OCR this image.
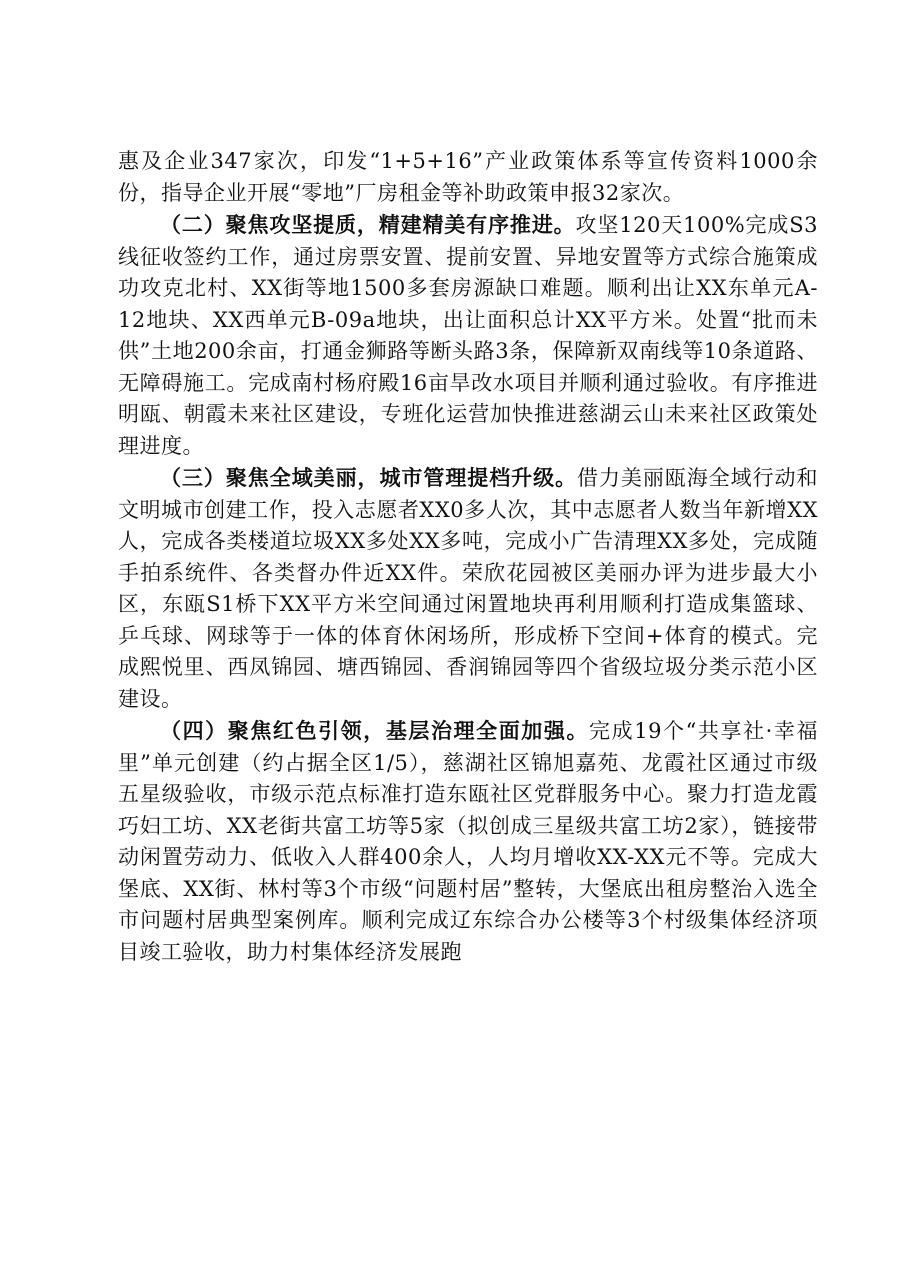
惠及企业347家次，印发“1+5+16”产业政策体系等宣传资料1000余份，指导企业开展“零地”厂房租金等补助政策申报32家次。

（二）聚焦攻坚提质，精建精美有序推进。攻坚120天100%完成S3线征收签约工作，通过房票安置、提前安置、异地安置等方式综合施策成功攻克北村、XX街等地1500多套房源缺口难题。顺利出让XX东单元A-12地块、XX西单元B-09a地块，出让面积总计XX平方米。处置“批而未供”土地200余亩，打通金狮路等断头路3条，保障新双南线等10条道路、无障碍施工。完成南村杨府殿16亩旱改水项目并顺利通过验收。有序推进明瓯、朝霞未来社区建设，专班化运营加快推进慈湖云山未来社区政策处理进度。

（三）聚焦全域美丽，城市管理提档升级。借力美丽瓯海全域行动和文明城市创建工作，投入志愿者XX0多人次，其中志愿者人数当年新增XX人，完成各类楼道垃圾XX多处XX多吨，完成小广告清理XX多处，完成随手拍系统件、各类督办件近XX件。荣欣花园被区美丽办评为进步最大小区，东瓯S1桥下XX平方米空间通过闲置地块再利用顺利打造成集篮球、乒乓球、网球等于一体的体育休闲场所，形成桥下空间+体育的模式。完成熙悦里、西凤锦园、塘西锦园、香润锦园等四个省级垃圾分类示范小区建设。

（四）聚焦红色引领，基层治理全面加强。完成19个“共享社·幸福里”单元创建（约占据全区1/5），慈湖社区锦旭嘉苑、龙霞社区通过市级五星级验收，市级示范点标准打造东瓯社区党群服务中心。聚力打造龙霞巧妇工坊、XX老街共富工坊等5家（拟创成三星级共富工坊2家），链接带动闲置劳动力、低收入人群400余人，人均月增收XX-XX元不等。完成大堡底、XX街、林村等3个市级“问题村居”整转，大堡底出租房整治入选全市问题村居典型案例库。顺利完成辽东综合办公楼等3个村级集体经济项目竣工验收，助力村集体经济发展跑
